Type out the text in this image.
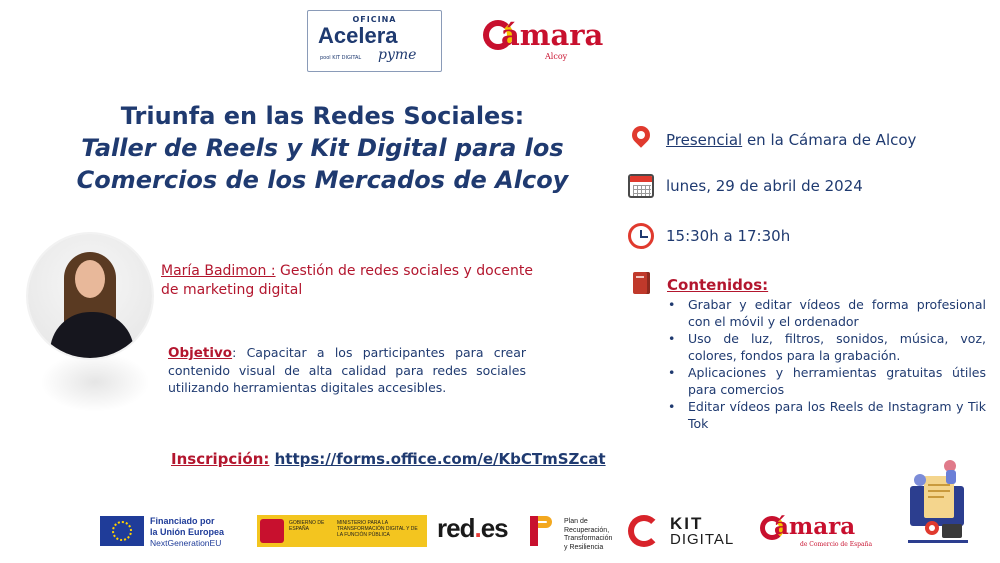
OFICINA
Acelera
pool KIT DIGITAL pyme
ámara
Alcoy
Triunfa en las Redes Sociales:
Taller de Reels y Kit Digital para los
Comercios de los Mercados de Alcoy
María Badimon : Gestión de redes sociales y docente de marketing digital
Objetivo: Capacitar a los participantes para crear contenido visual de alta calidad para redes sociales utilizando herramientas digitales accesibles.
Inscripción: https://forms.office.com/e/KbCTmSZcat
Presencial en la Cámara de Alcoy
lunes, 29 de abril de 2024
15:30h a 17:30h
Contenidos:
• Grabar y editar vídeos de forma profesional con el móvil y el ordenador
• Uso de luz, filtros, sonidos, música, voz, colores, fondos para la grabación.
• Aplicaciones y herramientas gratuitas útiles para comercios
• Editar vídeos para los Reels de Instagram y Tik Tok
Financiado por
la Unión Europea
NextGenerationEU
GOBIERNO DE ESPAÑA
MINISTERIO PARA LA TRANSFORMACIÓN DIGITAL Y DE LA FUNCIÓN PÚBLICA	red.es	Plan de
Recuperación,
Transformación
y Resiliencia
KIT
DIGITAL ámara
de Comercio de España
